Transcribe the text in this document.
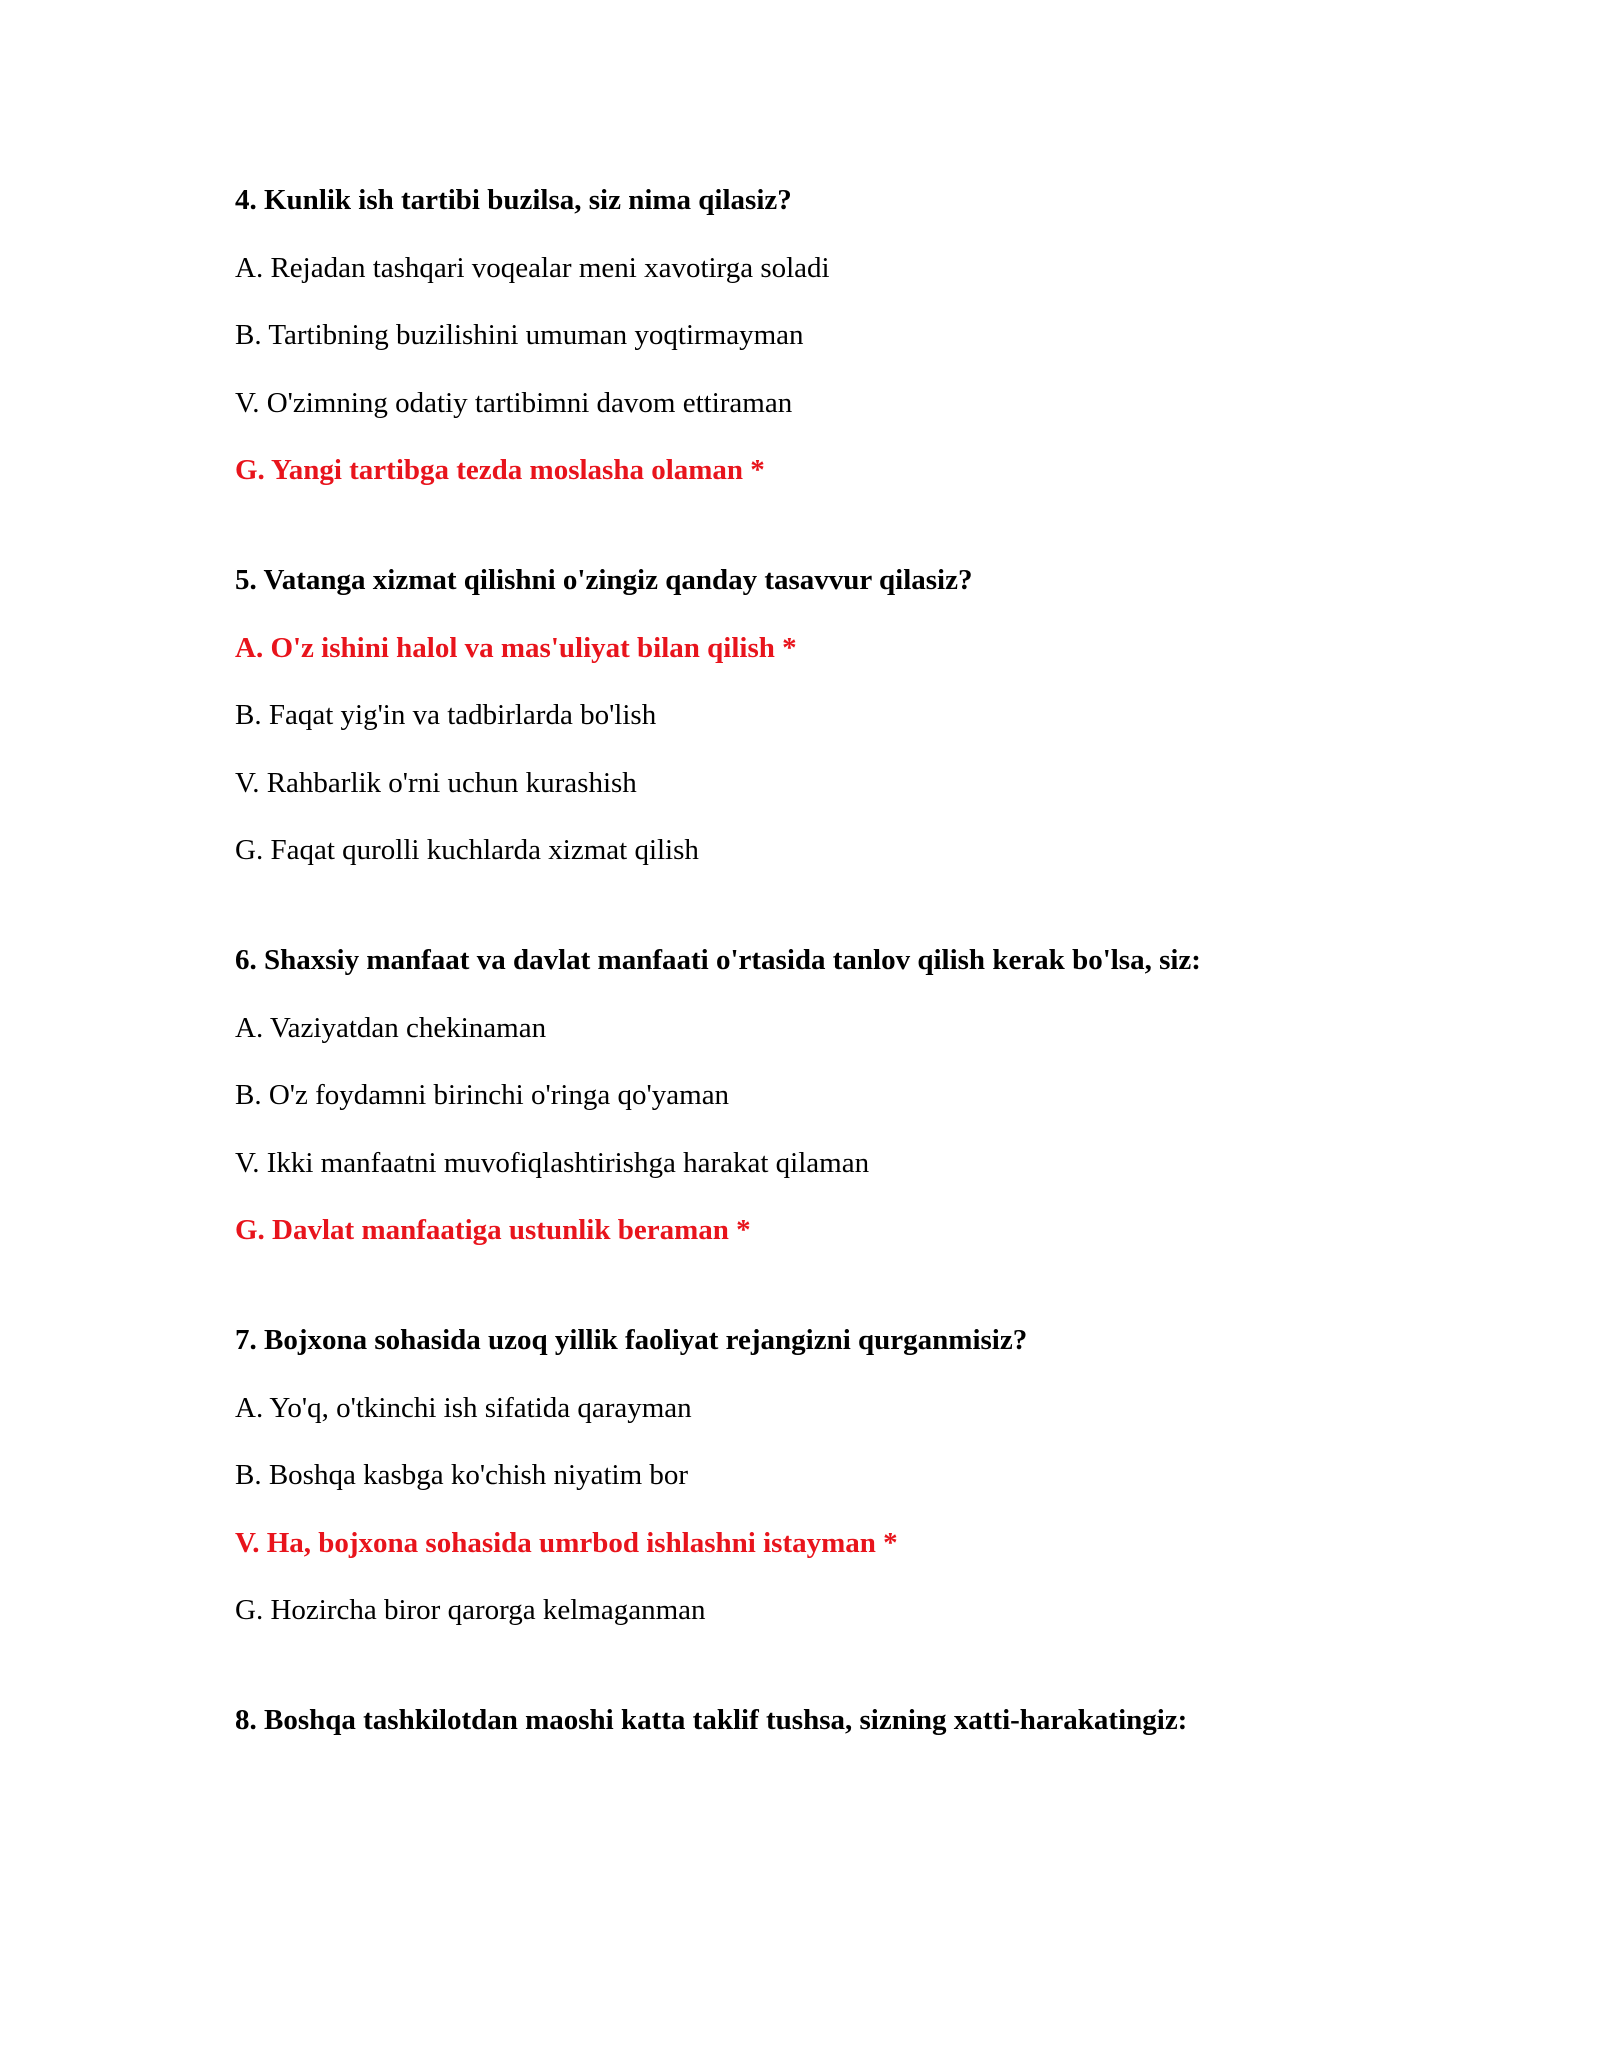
4. Kunlik ish tartibi buzilsa, siz nima qilasiz?
A. Rejadan tashqari voqealar meni xavotirga soladi
B. Tartibning buzilishini umuman yoqtirmayman
V. O'zimning odatiy tartibimni davom ettiraman
G. Yangi tartibga tezda moslasha olaman *
5. Vatanga xizmat qilishni o'zingiz qanday tasavvur qilasiz?
A. O'z ishini halol va mas'uliyat bilan qilish *
B. Faqat yig'in va tadbirlarda bo'lish
V. Rahbarlik o'rni uchun kurashish
G. Faqat qurolli kuchlarda xizmat qilish
6. Shaxsiy manfaat va davlat manfaati o'rtasida tanlov qilish kerak bo'lsa, siz:
A. Vaziyatdan chekinaman
B. O'z foydamni birinchi o'ringa qo'yaman
V. Ikki manfaatni muvofiqlashtirishga harakat qilaman
G. Davlat manfaatiga ustunlik beraman *
7. Bojxona sohasida uzoq yillik faoliyat rejangizni qurganmisiz?
A. Yo'q, o'tkinchi ish sifatida qarayman
B. Boshqa kasbga ko'chish niyatim bor
V. Ha, bojxona sohasida umrbod ishlashni istayman *
G. Hozircha biror qarorga kelmaganman
8. Boshqa tashkilotdan maoshi katta taklif tushsa, sizning xatti-harakatingiz:
